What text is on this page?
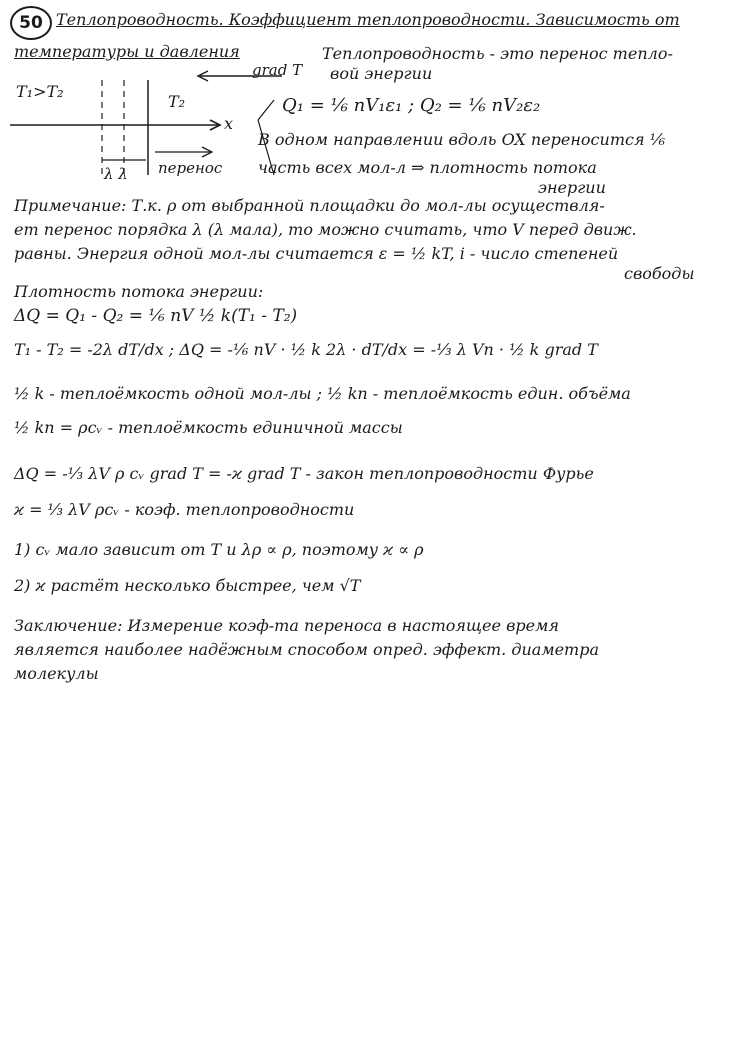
50 Теплопроводность. Коэффициент теплопроводности. Зависимость от
температуры и давления	Теплопроводность - это перенос тепло-
вой энергии
T₁>T₂
T₂
grad T
x
λ λ перенос
Q₁ = ⅙ nV₁ε₁ ; Q₂ = ⅙ nV₂ε₂
В одном направлении вдоль OX переносится ⅙
часть всех мол-л ⇒ плотность потока
энергии
Примечание: Т.к. ρ от выбранной площадки до мол-лы осуществля-
ет перенос порядка λ (λ мала), то можно считать, что V перед движ.
равны. Энергия одной мол-лы считается ε = ½ kT, i - число степеней
свободы
Плотность потока энергии:
ΔQ = Q₁ - Q₂ = ⅙ nV ½ k(T₁ - T₂)
T₁ - T₂ = -2λ dT/dx ; ΔQ = -⅙ nV · ½ k 2λ · dT/dx = -⅓ λ Vn · ½ k grad T
½ k - теплоёмкость одной мол-лы ; ½ kn - теплоёмкость един. объёма
½ kn = ρcᵥ - теплоёмкость единичной массы
ΔQ = -⅓ λV ρ cᵥ grad T = -ϰ grad T - закон теплопроводности Фурье
ϰ = ⅓ λV ρcᵥ - коэф. теплопроводности
1) cᵥ мало зависит от T и λρ ∝ ρ, поэтому ϰ ∝ ρ
2) ϰ растёт несколько быстрее, чем √T
Заключение: Измерение коэф-та переноса в настоящее время
является наиболее надёжным способом опред. эффект. диаметра
молекулы
